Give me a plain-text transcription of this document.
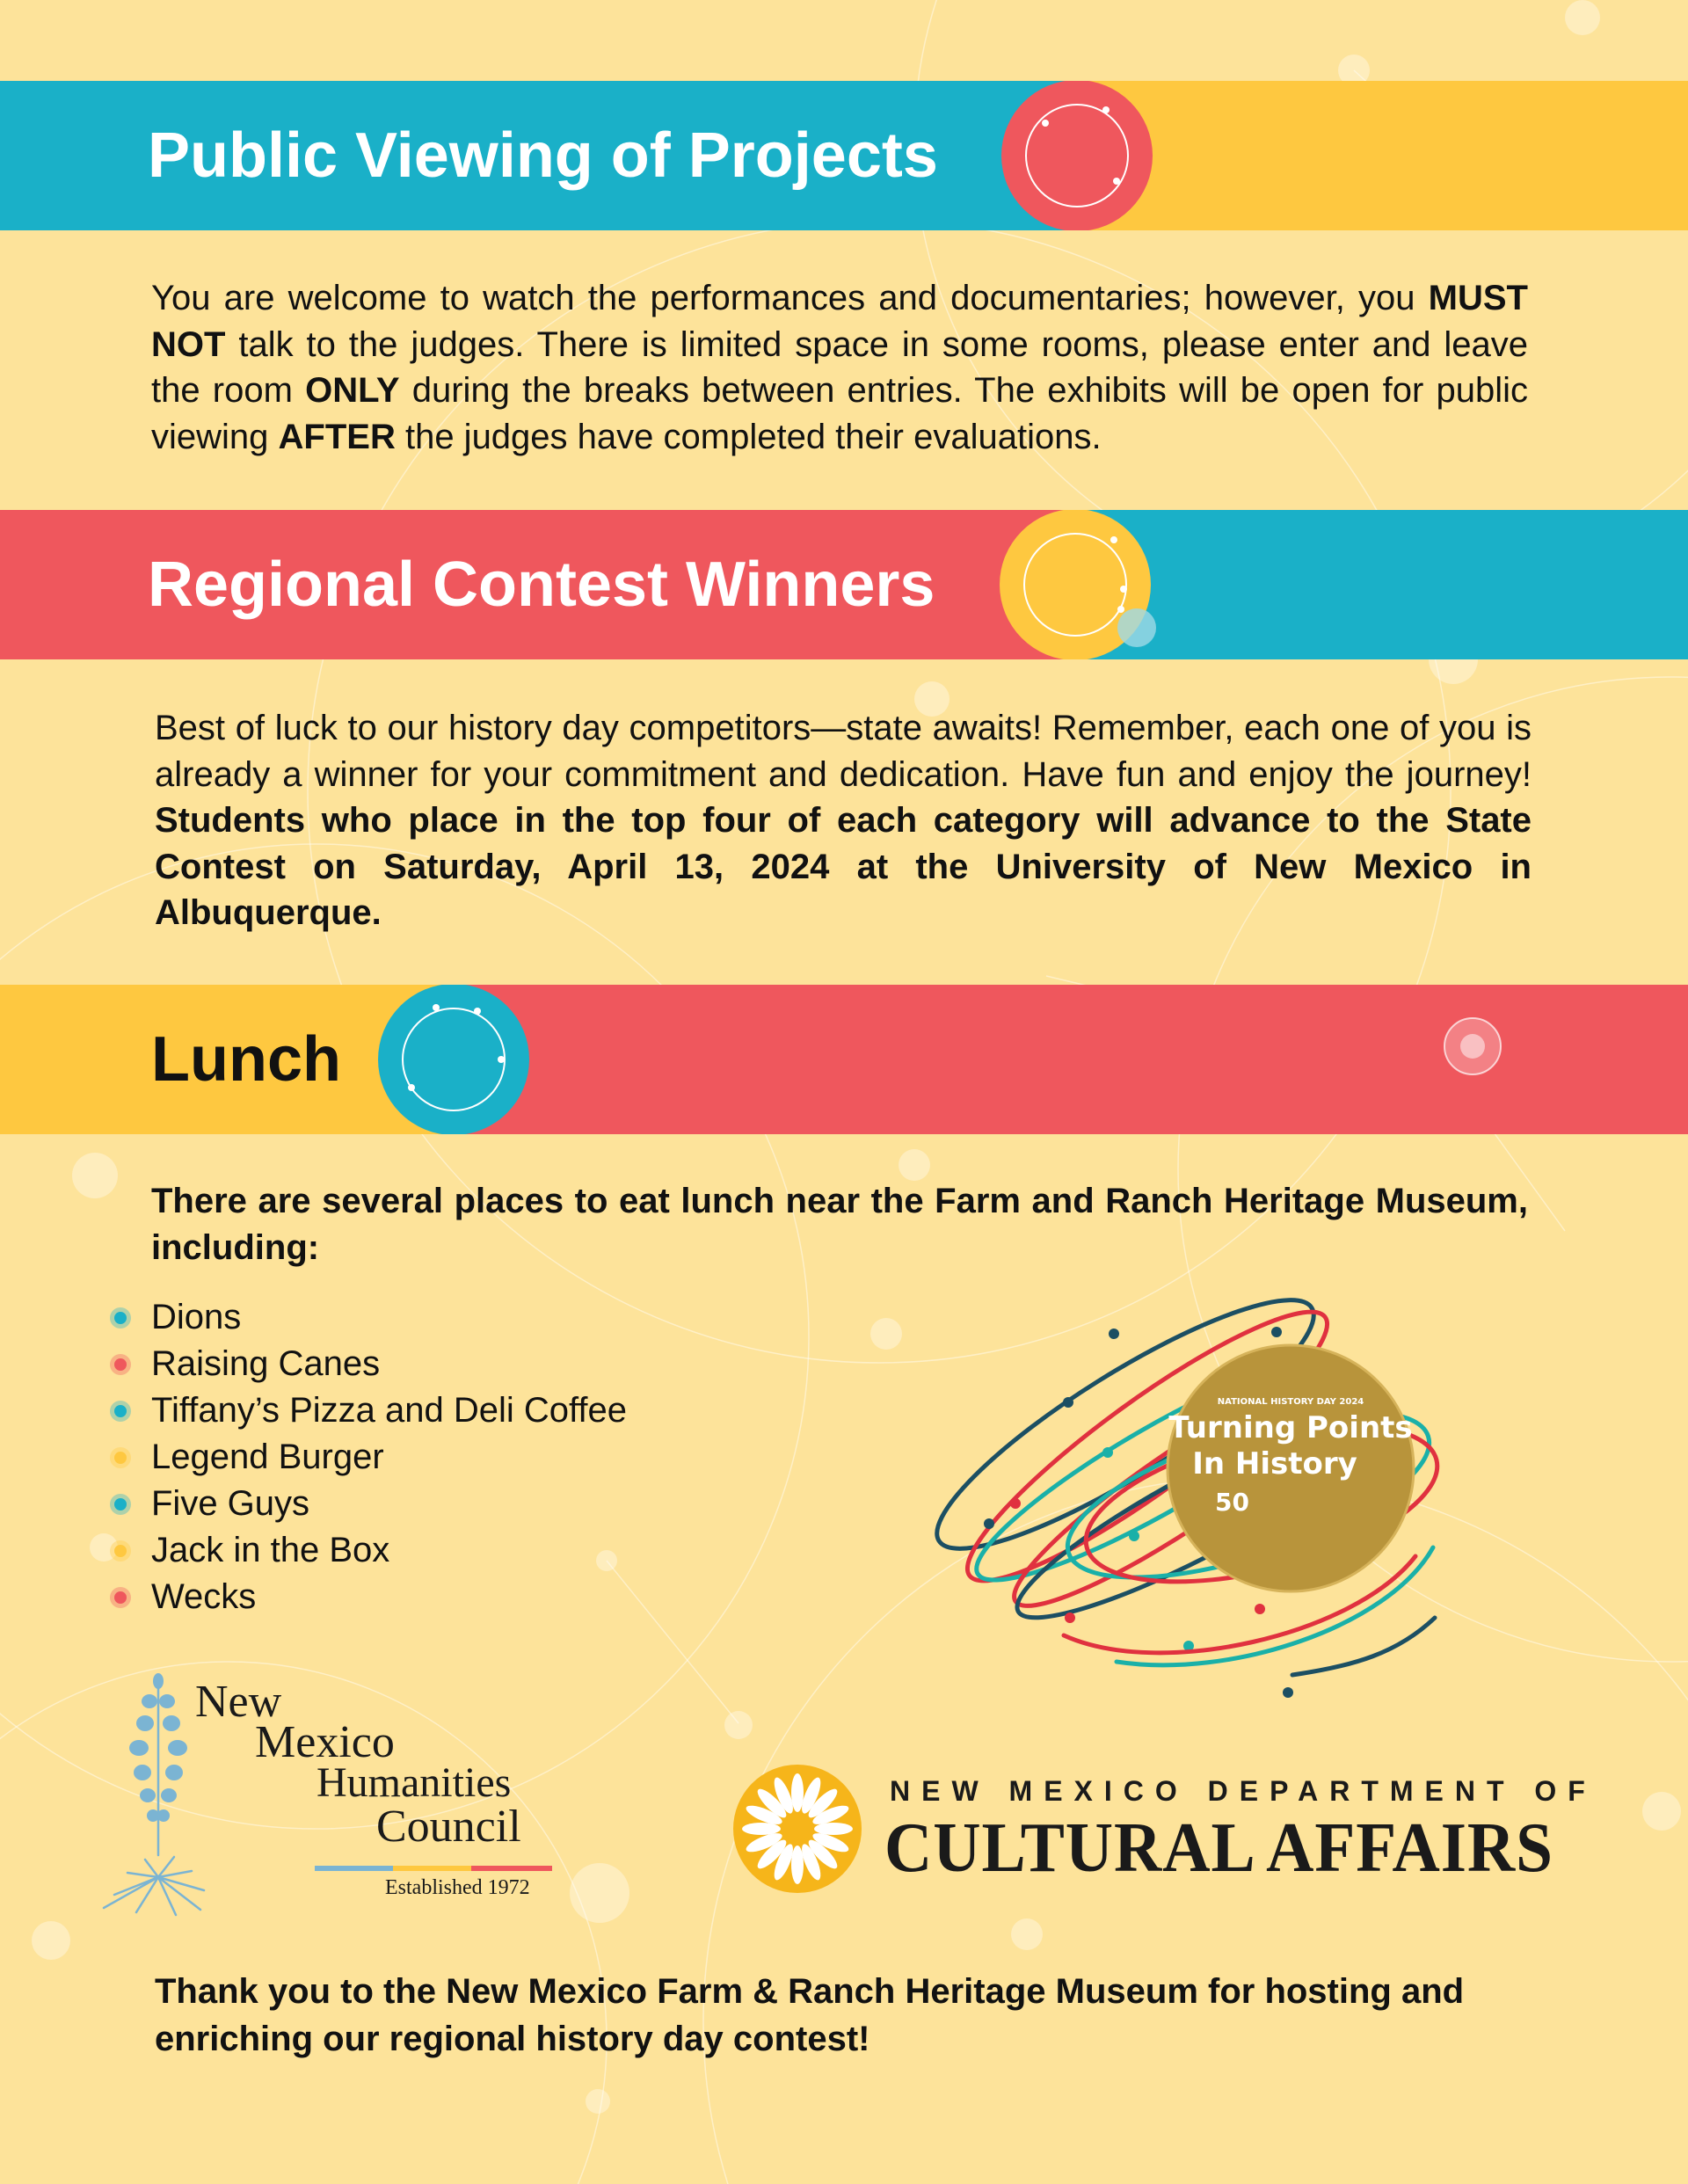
Public Viewing of Projects
You are welcome to watch the performances and documentaries; however, you MUST NOT talk to the judges. There is limited space in some rooms, please enter and leave the room ONLY during the breaks between entries. The exhibits will be open for public viewing AFTER the judges have completed their evaluations.
Regional Contest Winners
Best of luck to our history day competitors—state awaits! Remember, each one of you is already a winner for your commitment and dedication. Have fun and enjoy the journey! Students who place in the top four of each category will advance to the State Contest on Saturday, April 13, 2024 at the University of New Mexico in Albuquerque.
Lunch
There are several places to eat lunch near the Farm and Ranch Heritage Museum, including:
Dions
Raising Canes
Tiffany’s Pizza and Deli Coffee
Legend Burger
Five Guys
Jack in the Box
Wecks
NATIONAL HISTORY DAY 2024
Turning Points
In History
50
New
Mexico
Humanities
Council
Established 1972
NEW MEXICO DEPARTMENT OF
CULTURAL AFFAIRS
Thank you to the New Mexico Farm & Ranch Heritage Museum for hosting and enriching our regional history day contest!
